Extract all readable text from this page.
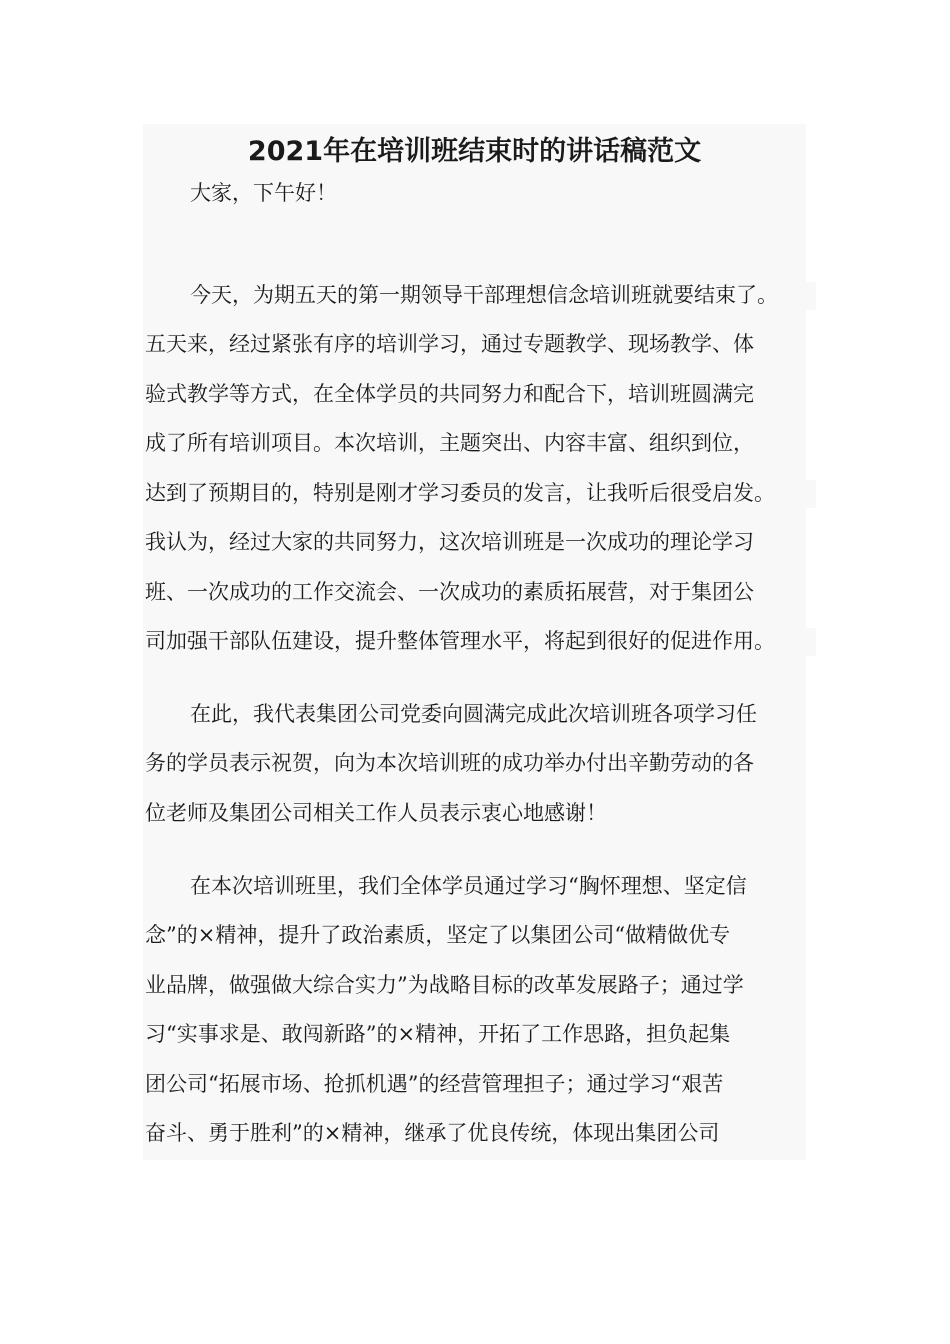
2021年在培训班结束时的讲话稿范文

大家，下午好！

今天，为期五天的第一期领导干部理想信念培训班就要结束了。

五天来，经过紧张有序的培训学习，通过专题教学、现场教学、体

验式教学等方式，在全体学员的共同努力和配合下，培训班圆满完

成了所有培训项目。本次培训，主题突出、内容丰富、组织到位，

达到了预期目的，特别是刚才学习委员的发言，让我听后很受启发。

我认为，经过大家的共同努力，这次培训班是一次成功的理论学习

班、一次成功的工作交流会、一次成功的素质拓展营，对于集团公

司加强干部队伍建设，提升整体管理水平，将起到很好的促进作用。

在此，我代表集团公司党委向圆满完成此次培训班各项学习任

务的学员表示祝贺，向为本次培训班的成功举办付出辛勤劳动的各

位老师及集团公司相关工作人员表示衷心地感谢！

在本次培训班里，我们全体学员通过学习“胸怀理想、坚定信

念”的×精神，提升了政治素质，坚定了以集团公司“做精做优专

业品牌，做强做大综合实力”为战略目标的改革发展路子；通过学

习“实事求是、敢闯新路”的×精神，开拓了工作思路，担负起集

团公司“拓展市场、抢抓机遇”的经营管理担子；通过学习“艰苦

奋斗、勇于胜利”的×精神，继承了优良传统，体现出集团公司
